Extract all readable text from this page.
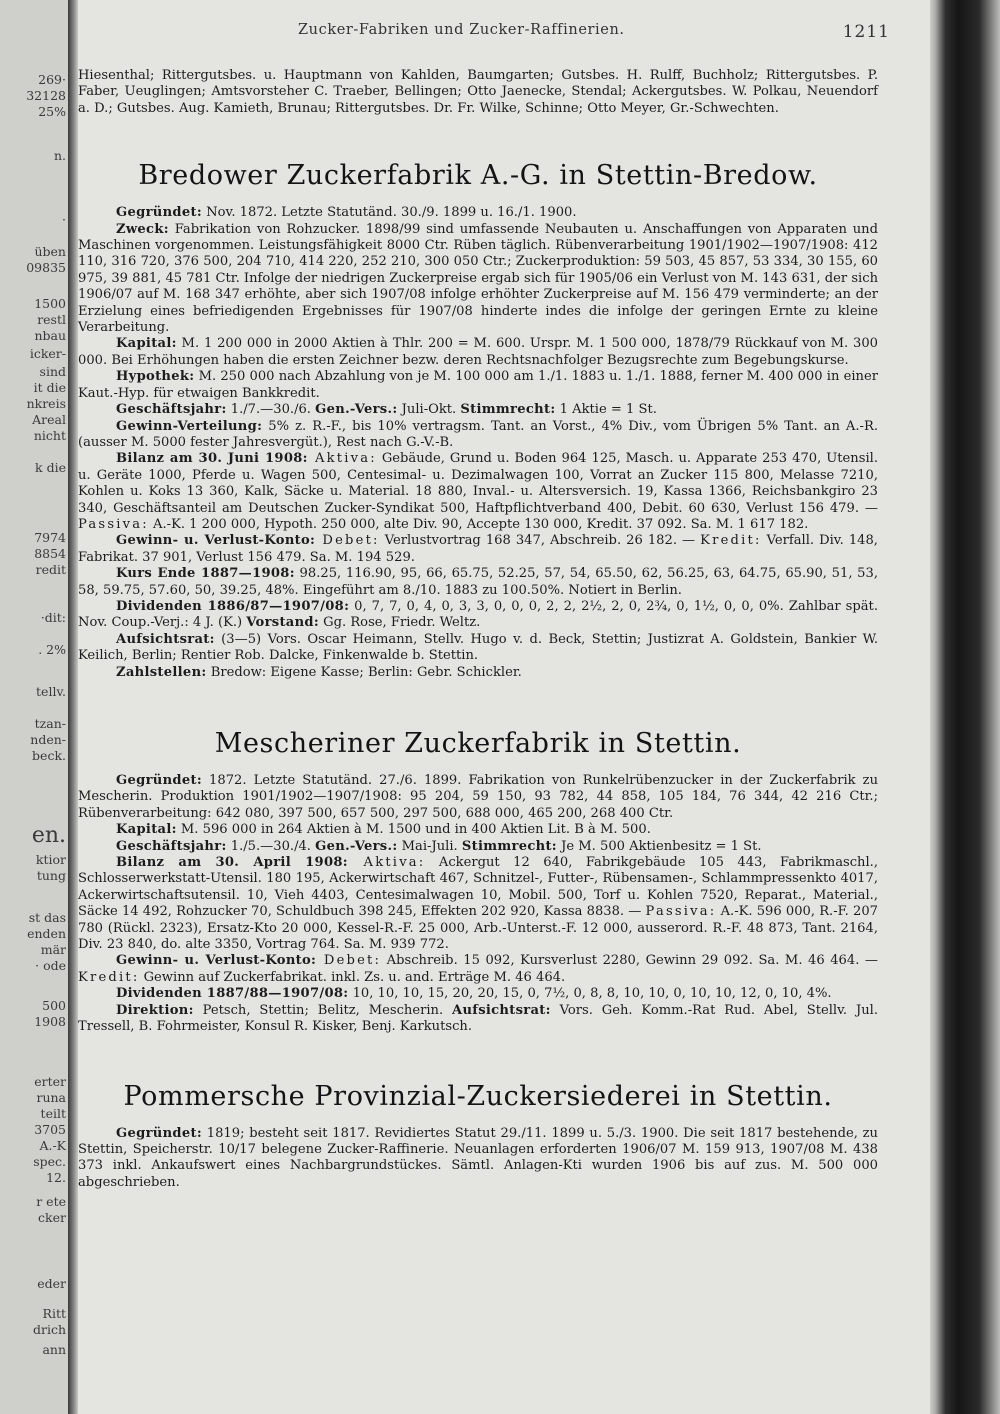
269·
32128
25%
n.
·
üben
09835
1500
restl
nbau
icker-
sind
it die
nkreis
Areal
nicht
k die
7974
8854
redit
·dit:
. 2%
tellv.
tzan-
nden-
beck.
en.
ktior
tung
st das
enden
mär
· ode
500
1908
erter
runa
teilt
3705
A.-K
spec.
12.
r ete
cker
eder
Ritt
drich
ann
Zucker-Fabriken und Zucker-Raffinerien.	1211

Hiesenthal; Rittergutsbes. u. Hauptmann von Kahlden, Baumgarten; Gutsbes. H. Rulff, Buchholz; Rittergutsbes. P. Faber, Ueuglingen; Amtsvorsteher C. Traeber, Bellingen; Otto Jaenecke, Stendal; Ackergutsbes. W. Polkau, Neuendorf a. D.; Gutsbes. Aug. Kamieth, Brunau; Rittergutsbes. Dr. Fr. Wilke, Schinne; Otto Meyer, Gr.-Schwechten.

Bredower Zuckerfabrik A.-G. in Stettin-Bredow.

Gegründet: Nov. 1872. Letzte Statutänd. 30./9. 1899 u. 16./1. 1900.

Zweck: Fabrikation von Rohzucker. 1898/99 sind umfassende Neubauten u. Anschaffungen von Apparaten und Maschinen vorgenommen. Leistungsfähigkeit 8000 Ctr. Rüben täglich. Rübenverarbeitung 1901/1902—1907/1908: 412 110, 316 720, 376 500, 204 710, 414 220, 252 210, 300 050 Ctr.; Zuckerproduktion: 59 503, 45 857, 53 334, 30 155, 60 975, 39 881, 45 781 Ctr. Infolge der niedrigen Zuckerpreise ergab sich für 1905/06 ein Verlust von M. 143 631, der sich 1906/07 auf M. 168 347 erhöhte, aber sich 1907/08 infolge erhöhter Zuckerpreise auf M. 156 479 verminderte; an der Erzielung eines befriedigenden Ergebnisses für 1907/08 hinderte indes die infolge der geringen Ernte zu kleine Verarbeitung.

Kapital: M. 1 200 000 in 2000 Aktien à Thlr. 200 = M. 600. Urspr. M. 1 500 000, 1878/79 Rückkauf von M. 300 000. Bei Erhöhungen haben die ersten Zeichner bezw. deren Rechtsnachfolger Bezugsrechte zum Begebungskurse.

Hypothek: M. 250 000 nach Abzahlung von je M. 100 000 am 1./1. 1883 u. 1./1. 1888, ferner M. 400 000 in einer Kaut.-Hyp. für etwaigen Bankkredit.

Geschäftsjahr: 1./7.—30./6. Gen.-Vers.: Juli-Okt. Stimmrecht: 1 Aktie = 1 St.

Gewinn-Verteilung: 5% z. R.-F., bis 10% vertragsm. Tant. an Vorst., 4% Div., vom Übrigen 5% Tant. an A.-R. (ausser M. 5000 fester Jahresvergüt.), Rest nach G.-V.-B.

Bilanz am 30. Juni 1908: Aktiva: Gebäude, Grund u. Boden 964 125, Masch. u. Apparate 253 470, Utensil. u. Geräte 1000, Pferde u. Wagen 500, Centesimal- u. Dezimalwagen 100, Vorrat an Zucker 115 800, Melasse 7210, Kohlen u. Koks 13 360, Kalk, Säcke u. Material. 18 880, Inval.- u. Altersversich. 19, Kassa 1366, Reichsbankgiro 23 340, Geschäftsanteil am Deutschen Zucker-Syndikat 500, Haftpflichtverband 400, Debit. 60 630, Verlust 156 479. — Passiva: A.-K. 1 200 000, Hypoth. 250 000, alte Div. 90, Accepte 130 000, Kredit. 37 092. Sa. M. 1 617 182.

Gewinn- u. Verlust-Konto: Debet: Verlustvortrag 168 347, Abschreib. 26 182. — Kredit: Verfall. Div. 148, Fabrikat. 37 901, Verlust 156 479. Sa. M. 194 529.

Kurs Ende 1887—1908: 98.25, 116.90, 95, 66, 65.75, 52.25, 57, 54, 65.50, 62, 56.25, 63, 64.75, 65.90, 51, 53, 58, 59.75, 57.60, 50, 39.25, 48%. Eingeführt am 8./10. 1883 zu 100.50%. Notiert in Berlin.

Dividenden 1886/87—1907/08: 0, 7, 7, 0, 4, 0, 3, 3, 0, 0, 0, 2, 2, 2½, 2, 0, 2¾, 0, 1½, 0, 0, 0%. Zahlbar spät. Nov. Coup.-Verj.: 4 J. (K.) Vorstand: Gg. Rose, Friedr. Weltz.

Aufsichtsrat: (3—5) Vors. Oscar Heimann, Stellv. Hugo v. d. Beck, Stettin; Justizrat A. Goldstein, Bankier W. Keilich, Berlin; Rentier Rob. Dalcke, Finkenwalde b. Stettin.

Zahlstellen: Bredow: Eigene Kasse; Berlin: Gebr. Schickler.

Mescheriner Zuckerfabrik in Stettin.

Gegründet: 1872. Letzte Statutänd. 27./6. 1899. Fabrikation von Runkelrübenzucker in der Zuckerfabrik zu Mescherin. Produktion 1901/1902—1907/1908: 95 204, 59 150, 93 782, 44 858, 105 184, 76 344, 42 216 Ctr.; Rübenverarbeitung: 642 080, 397 500, 657 500, 297 500, 688 000, 465 200, 268 400 Ctr.

Kapital: M. 596 000 in 264 Aktien à M. 1500 und in 400 Aktien Lit. B à M. 500.

Geschäftsjahr: 1./5.—30./4. Gen.-Vers.: Mai-Juli. Stimmrecht: Je M. 500 Aktienbesitz = 1 St.

Bilanz am 30. April 1908: Aktiva: Ackergut 12 640, Fabrikgebäude 105 443, Fabrikmaschl., Schlosserwerkstatt-Utensil. 180 195, Ackerwirtschaft 467, Schnitzel-, Futter-, Rübensamen-, Schlammpressenkto 4017, Ackerwirtschaftsutensil. 10, Vieh 4403, Centesimalwagen 10, Mobil. 500, Torf u. Kohlen 7520, Reparat., Material., Säcke 14 492, Rohzucker 70, Schuldbuch 398 245, Effekten 202 920, Kassa 8838. — Passiva: A.-K. 596 000, R.-F. 207 780 (Rückl. 2323), Ersatz-Kto 20 000, Kessel-R.-F. 25 000, Arb.-Unterst.-F. 12 000, ausserord. R.-F. 48 873, Tant. 2164, Div. 23 840, do. alte 3350, Vortrag 764. Sa. M. 939 772.

Gewinn- u. Verlust-Konto: Debet: Abschreib. 15 092, Kursverlust 2280, Gewinn 29 092. Sa. M. 46 464. — Kredit: Gewinn auf Zuckerfabrikat. inkl. Zs. u. and. Erträge M. 46 464.

Dividenden 1887/88—1907/08: 10, 10, 10, 15, 20, 20, 15, 0, 7½, 0, 8, 8, 10, 10, 0, 10, 10, 12, 0, 10, 4%.

Direktion: Petsch, Stettin; Belitz, Mescherin. Aufsichtsrat: Vors. Geh. Komm.-Rat Rud. Abel, Stellv. Jul. Tressell, B. Fohrmeister, Konsul R. Kisker, Benj. Karkutsch.

Pommersche Provinzial-Zuckersiederei in Stettin.

Gegründet: 1819; besteht seit 1817. Revidiertes Statut 29./11. 1899 u. 5./3. 1900. Die seit 1817 bestehende, zu Stettin, Speicherstr. 10/17 belegene Zucker-Raffinerie. Neuanlagen erforderten 1906/07 M. 159 913, 1907/08 M. 438 373 inkl. Ankaufswert eines Nachbargrundstückes. Sämtl. Anlagen-Kti wurden 1906 bis auf zus. M. 500 000 abgeschrieben.
